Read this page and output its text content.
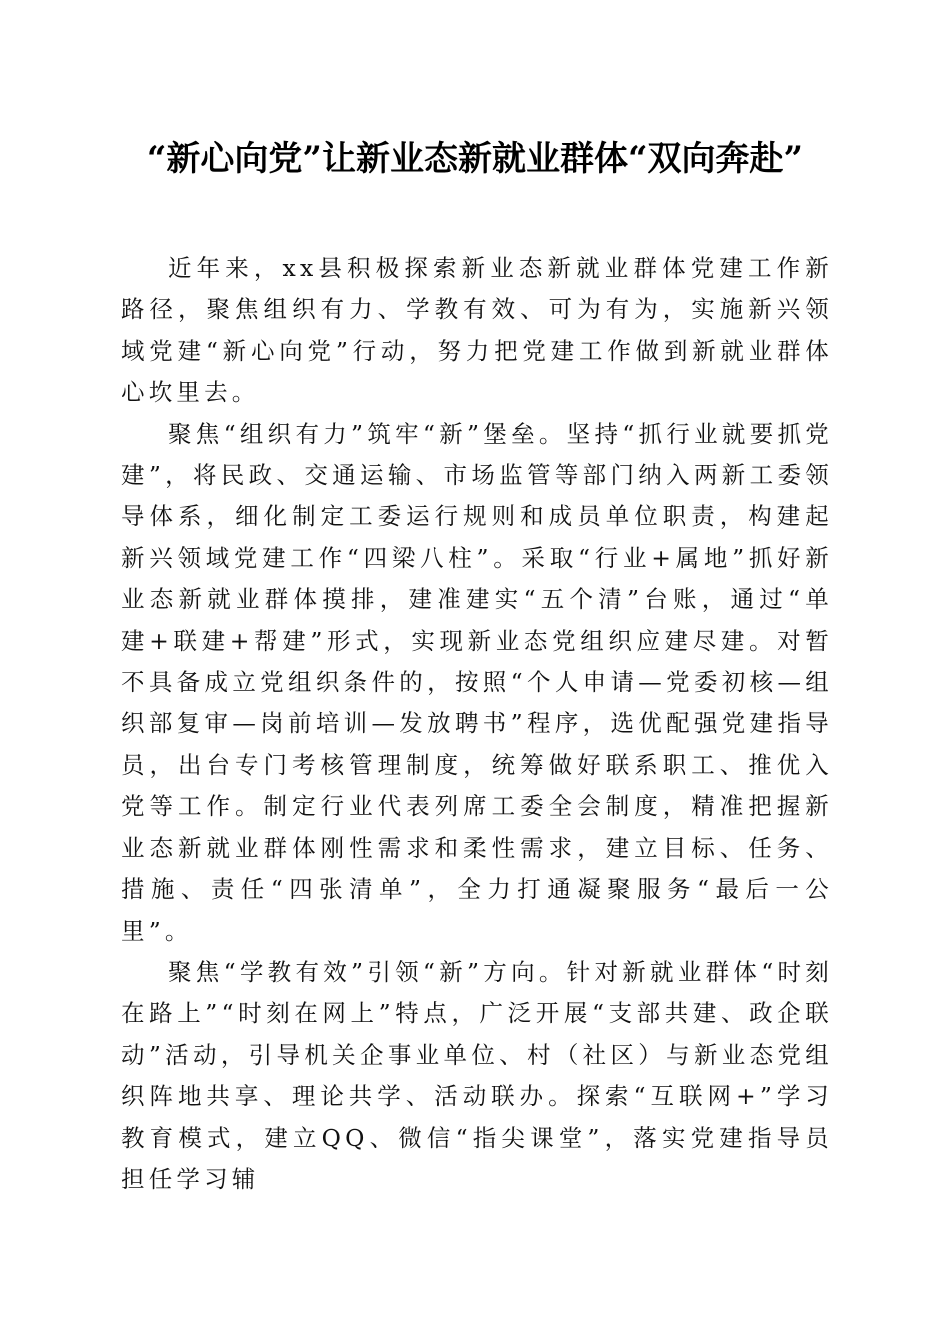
“新心向党”让新业态新就业群体“双向奔赴”

近年来，xx县积极探索新业态新就业群体党建工作新路径，聚焦组织有力、学教有效、可为有为，实施新兴领域党建“新心向党”行动，努力把党建工作做到新就业群体心坎里去。

聚焦“组织有力”筑牢“新”堡垒。坚持“抓行业就要抓党建”，将民政、交通运输、市场监管等部门纳入两新工委领导体系，细化制定工委运行规则和成员单位职责，构建起新兴领域党建工作“四梁八柱”。采取“行业+属地”抓好新业态新就业群体摸排，建准建实“五个清”台账，通过“单建+联建+帮建”形式，实现新业态党组织应建尽建。对暂不具备成立党组织条件的，按照“个人申请—党委初核—组织部复审—岗前培训—发放聘书”程序，选优配强党建指导员，出台专门考核管理制度，统筹做好联系职工、推优入党等工作。制定行业代表列席工委全会制度，精准把握新业态新就业群体刚性需求和柔性需求，建立目标、任务、措施、责任“四张清单”，全力打通凝聚服务“最后一公里”。

聚焦“学教有效”引领“新”方向。针对新就业群体“时刻在路上”“时刻在网上”特点，广泛开展“支部共建、政企联动”活动，引导机关企事业单位、村（社区）与新业态党组织阵地共享、理论共学、活动联办。探索“互联网+”学习教育模式，建立QQ、微信“指尖课堂”，落实党建指导员担任学习辅
